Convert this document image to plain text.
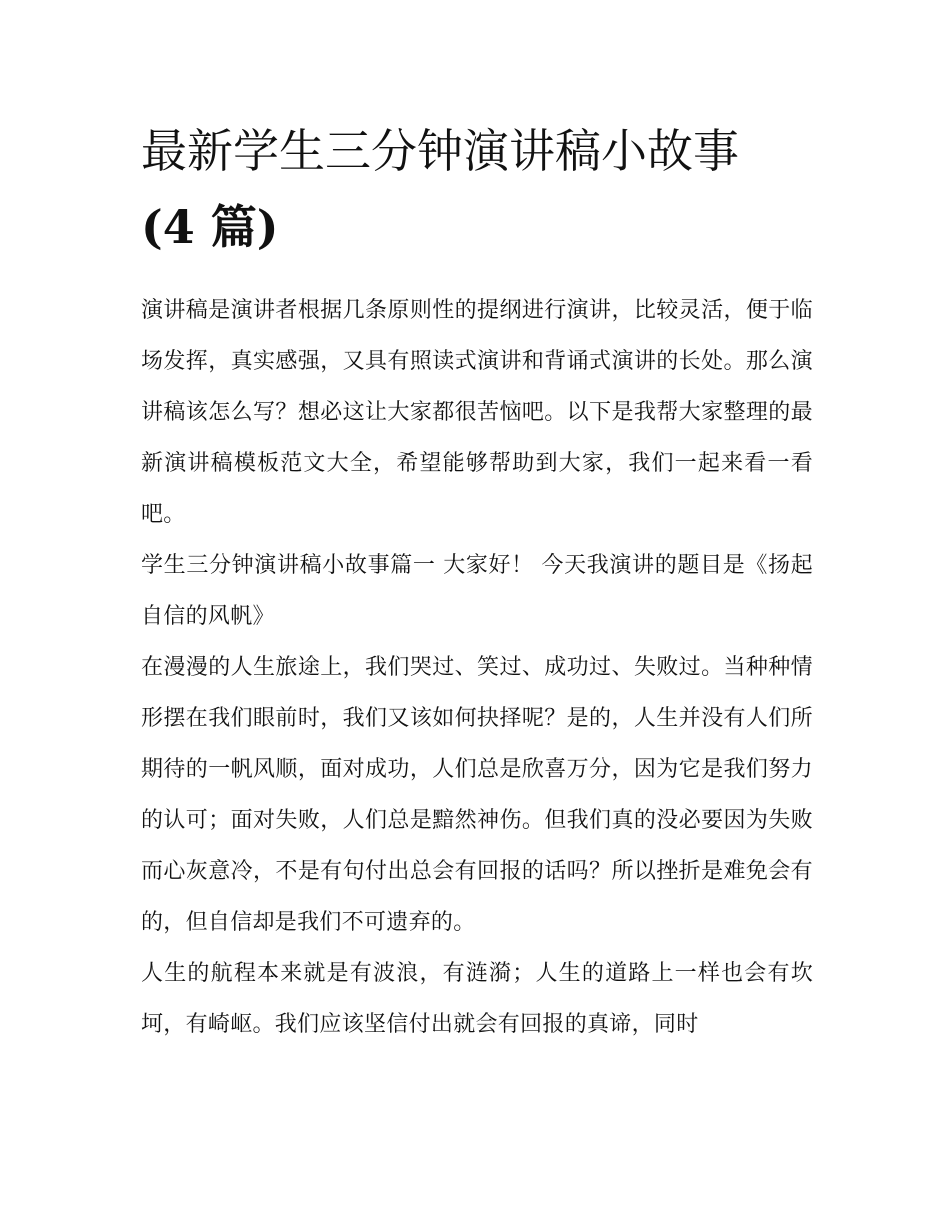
最新学生三分钟演讲稿小故事
(4 篇)

演讲稿是演讲者根据几条原则性的提纲进行演讲，比较灵活，便于临场发挥，真实感强，又具有照读式演讲和背诵式演讲的长处。那么演讲稿该怎么写？想必这让大家都很苦恼吧。以下是我帮大家整理的最新演讲稿模板范文大全，希望能够帮助到大家，我们一起来看一看吧。

学生三分钟演讲稿小故事篇一 大家好！ 今天我演讲的题目是《扬起自信的风帆》

在漫漫的人生旅途上，我们哭过、笑过、成功过、失败过。当种种情形摆在我们眼前时，我们又该如何抉择呢？是的，人生并没有人们所期待的一帆风顺，面对成功，人们总是欣喜万分，因为它是我们努力的认可；面对失败，人们总是黯然神伤。但我们真的没必要因为失败而心灰意冷，不是有句付出总会有回报的话吗？所以挫折是难免会有的，但自信却是我们不可遗弃的。

人生的航程本来就是有波浪，有涟漪；人生的道路上一样也会有坎坷，有崎岖。我们应该坚信付出就会有回报的真谛，同时
